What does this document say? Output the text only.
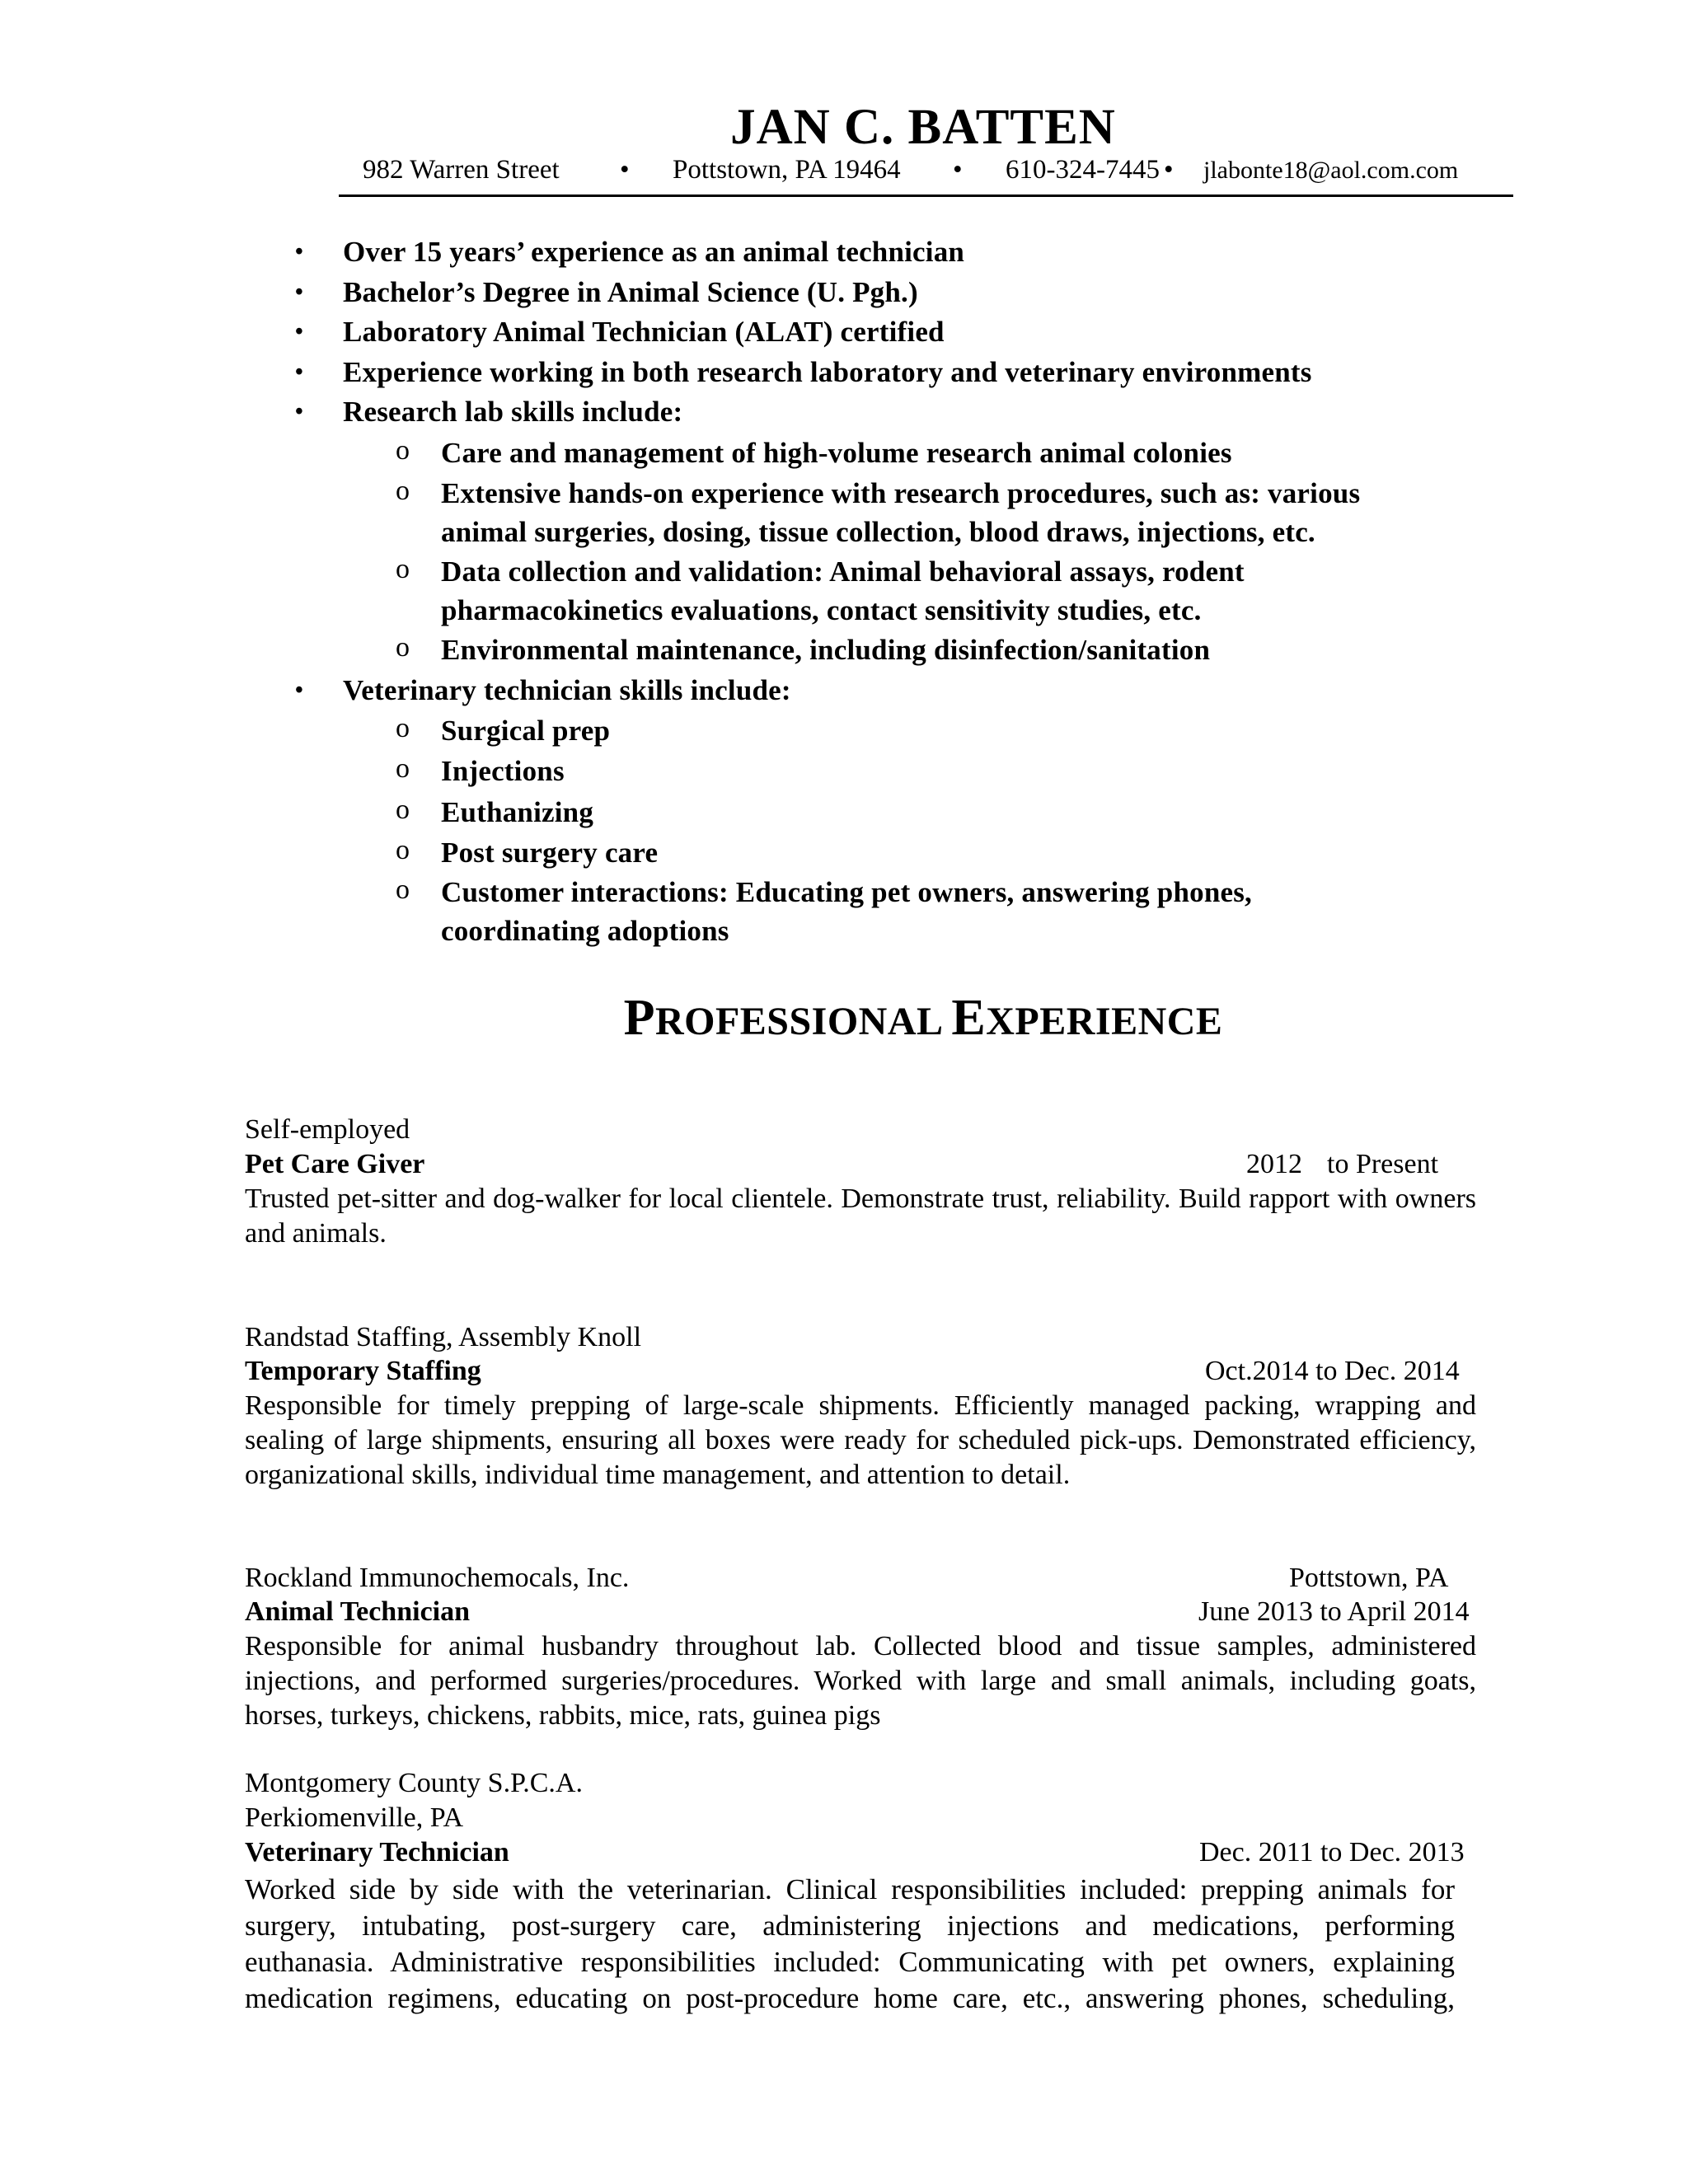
JAN C. BATTEN
982 Warren Street • Pottstown, PA 19464 • 610-324-7445 • jlabonte18@aol.com.com
• Over 15 years’ experience as an animal technician
• Bachelor’s Degree in Animal Science (U. Pgh.)
• Laboratory Animal Technician (ALAT) certified
• Experience working in both research laboratory and veterinary environments
• Research lab skills include:
o Care and management of high-volume research animal colonies
o Extensive hands-on experience with research procedures, such as: various
animal surgeries, dosing, tissue collection, blood draws, injections, etc.
o Data collection and validation: Animal behavioral assays, rodent
pharmacokinetics evaluations, contact sensitivity studies, etc.
o Environmental maintenance, including disinfection/sanitation
• Veterinary technician skills include:
o Surgical prep
o Injections
o Euthanizing
o Post surgery care
o Customer interactions: Educating pet owners, answering phones,
coordinating adoptions
PROFESSIONAL EXPERIENCE
Self-employed
Pet Care Giver	2012 to Present
Trusted pet-sitter and dog-walker for local clientele. Demonstrate trust, reliability. Build rapport with owners
and animals.
Randstad Staffing, Assembly Knoll
Temporary Staffing	Oct.2014 to Dec. 2014
Responsible for timely prepping of large-scale shipments. Efficiently managed packing, wrapping and
sealing of large shipments, ensuring all boxes were ready for scheduled pick-ups. Demonstrated efficiency,
organizational skills, individual time management, and attention to detail.
Rockland Immunochemocals, Inc.	Pottstown, PA
Animal Technician	June 2013 to April 2014
Responsible for animal husbandry throughout lab. Collected blood and tissue samples, administered
injections, and performed surgeries/procedures. Worked with large and small animals, including goats,
horses, turkeys, chickens, rabbits, mice, rats, guinea pigs
Montgomery County S.P.C.A.
Perkiomenville, PA
Veterinary Technician	Dec. 2011 to Dec. 2013
Worked side by side with the veterinarian. Clinical responsibilities included: prepping animals for
surgery, intubating, post-surgery care, administering injections and medications, performing
euthanasia. Administrative responsibilities included: Communicating with pet owners, explaining
medication regimens, educating on post-procedure home care, etc., answering phones, scheduling,
